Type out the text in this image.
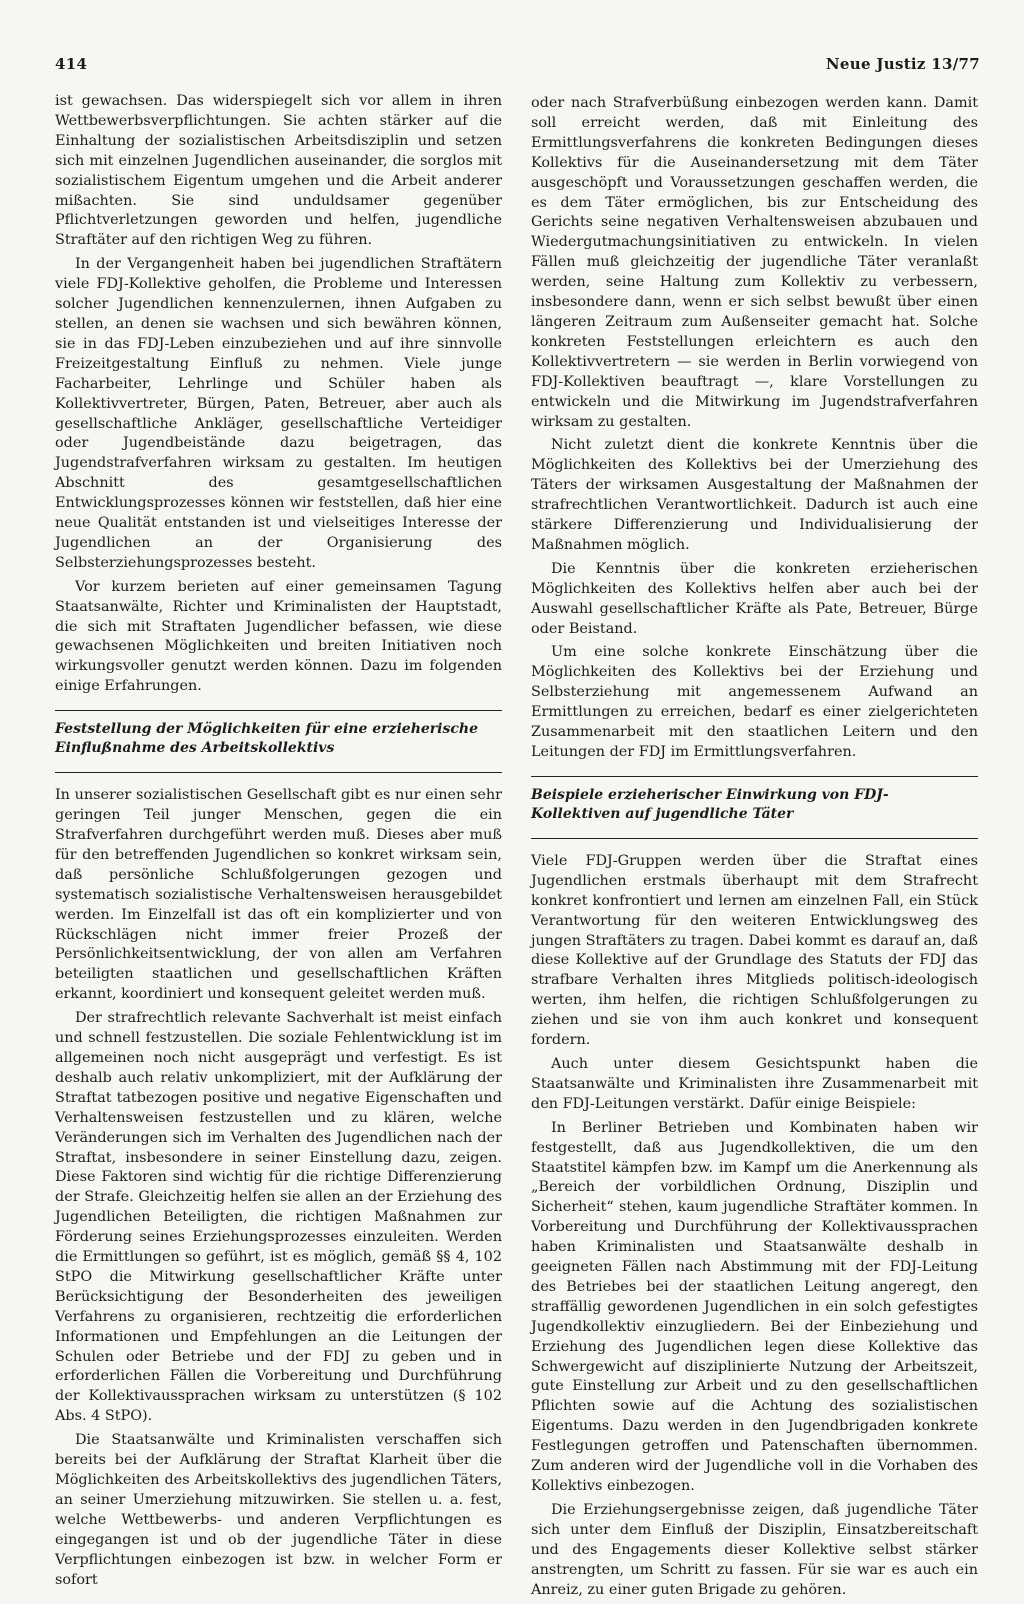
414	Neue Justiz 13/77

ist gewachsen. Das widerspiegelt sich vor allem in ihren Wettbewerbsverpflichtungen. Sie achten stärker auf die Einhaltung der sozialistischen Arbeitsdisziplin und setzen sich mit einzelnen Jugendlichen auseinander, die sorglos mit sozialistischem Eigentum umgehen und die Arbeit anderer mißachten. Sie sind unduldsamer gegenüber Pflichtverletzungen geworden und helfen, jugendliche Straftäter auf den richtigen Weg zu führen.

In der Vergangenheit haben bei jugendlichen Straftätern viele FDJ-Kollektive geholfen, die Probleme und Interessen solcher Jugendlichen kennenzulernen, ihnen Aufgaben zu stellen, an denen sie wachsen und sich bewähren können, sie in das FDJ-Leben einzubeziehen und auf ihre sinnvolle Freizeitgestaltung Einfluß zu nehmen. Viele junge Facharbeiter, Lehrlinge und Schüler haben als Kollektivvertreter, Bürgen, Paten, Betreuer, aber auch als gesellschaftliche Ankläger, gesellschaftliche Verteidiger oder Jugendbeistände dazu beigetragen, das Jugendstrafverfahren wirksam zu gestalten. Im heutigen Abschnitt des gesamtgesellschaftlichen Entwicklungsprozesses können wir feststellen, daß hier eine neue Qualität entstanden ist und vielseitiges Interesse der Jugendlichen an der Organisierung des Selbsterziehungsprozesses besteht.

Vor kurzem berieten auf einer gemeinsamen Tagung Staatsanwälte, Richter und Kriminalisten der Hauptstadt, die sich mit Straftaten Jugendlicher befassen, wie diese gewachsenen Möglichkeiten und breiten Initiativen noch wirkungsvoller genutzt werden können. Dazu im folgenden einige Erfahrungen.

Feststellung der Möglichkeiten für eine erzieherische Einflußnahme des Arbeitskollektivs

In unserer sozialistischen Gesellschaft gibt es nur einen sehr geringen Teil junger Menschen, gegen die ein Strafverfahren durchgeführt werden muß. Dieses aber muß für den betreffenden Jugendlichen so konkret wirksam sein, daß persönliche Schlußfolgerungen gezogen und systematisch sozialistische Verhaltensweisen herausgebildet werden. Im Einzelfall ist das oft ein komplizierter und von Rückschlägen nicht immer freier Prozeß der Persönlichkeitsentwicklung, der von allen am Verfahren beteiligten staatlichen und gesellschaftlichen Kräften erkannt, koordiniert und konsequent geleitet werden muß.

Der strafrechtlich relevante Sachverhalt ist meist einfach und schnell festzustellen. Die soziale Fehlentwicklung ist im allgemeinen noch nicht ausgeprägt und verfestigt. Es ist deshalb auch relativ unkompliziert, mit der Aufklärung der Straftat tatbezogen positive und negative Eigenschaften und Verhaltensweisen festzustellen und zu klären, welche Veränderungen sich im Verhalten des Jugendlichen nach der Straftat, insbesondere in seiner Einstellung dazu, zeigen. Diese Faktoren sind wichtig für die richtige Differenzierung der Strafe. Gleichzeitig helfen sie allen an der Erziehung des Jugendlichen Beteiligten, die richtigen Maßnahmen zur Förderung seines Erziehungsprozesses einzuleiten. Werden die Ermittlungen so geführt, ist es möglich, gemäß §§ 4, 102 StPO die Mitwirkung gesellschaftlicher Kräfte unter Berücksichtigung der Besonderheiten des jeweiligen Verfahrens zu organisieren, rechtzeitig die erforderlichen Informationen und Empfehlungen an die Leitungen der Schulen oder Betriebe und der FDJ zu geben und in erforderlichen Fällen die Vorbereitung und Durchführung der Kollektivaussprachen wirksam zu unterstützen (§ 102 Abs. 4 StPO).

Die Staatsanwälte und Kriminalisten verschaffen sich bereits bei der Aufklärung der Straftat Klarheit über die Möglichkeiten des Arbeitskollektivs des jugendlichen Täters, an seiner Umerziehung mitzuwirken. Sie stellen u. a. fest, welche Wettbewerbs- und anderen Verpflichtungen es eingegangen ist und ob der jugendliche Täter in diese Verpflichtungen einbezogen ist bzw. in welcher Form er sofort

oder nach Strafverbüßung einbezogen werden kann. Damit soll erreicht werden, daß mit Einleitung des Ermittlungsverfahrens die konkreten Bedingungen dieses Kollektivs für die Auseinandersetzung mit dem Täter ausgeschöpft und Voraussetzungen geschaffen werden, die es dem Täter ermöglichen, bis zur Entscheidung des Gerichts seine negativen Verhaltensweisen abzubauen und Wiedergutmachungsinitiativen zu entwickeln. In vielen Fällen muß gleichzeitig der jugendliche Täter veranlaßt werden, seine Haltung zum Kollektiv zu verbessern, insbesondere dann, wenn er sich selbst bewußt über einen längeren Zeitraum zum Außenseiter gemacht hat. Solche konkreten Feststellungen erleichtern es auch den Kollektivvertretern — sie werden in Berlin vorwiegend von FDJ-Kollektiven beauftragt —, klare Vorstellungen zu entwickeln und die Mitwirkung im Jugendstrafverfahren wirksam zu gestalten.

Nicht zuletzt dient die konkrete Kenntnis über die Möglichkeiten des Kollektivs bei der Umerziehung des Täters der wirksamen Ausgestaltung der Maßnahmen der strafrechtlichen Verantwortlichkeit. Dadurch ist auch eine stärkere Differenzierung und Individualisierung der Maßnahmen möglich.

Die Kenntnis über die konkreten erzieherischen Möglichkeiten des Kollektivs helfen aber auch bei der Auswahl gesellschaftlicher Kräfte als Pate, Betreuer, Bürge oder Beistand.

Um eine solche konkrete Einschätzung über die Möglichkeiten des Kollektivs bei der Erziehung und Selbsterziehung mit angemessenem Aufwand an Ermittlungen zu erreichen, bedarf es einer zielgerichteten Zusammenarbeit mit den staatlichen Leitern und den Leitungen der FDJ im Ermittlungsverfahren.

Beispiele erzieherischer Einwirkung von FDJ-Kollektiven auf jugendliche Täter

Viele FDJ-Gruppen werden über die Straftat eines Jugendlichen erstmals überhaupt mit dem Strafrecht konkret konfrontiert und lernen am einzelnen Fall, ein Stück Verantwortung für den weiteren Entwicklungsweg des jungen Straftäters zu tragen. Dabei kommt es darauf an, daß diese Kollektive auf der Grundlage des Statuts der FDJ das strafbare Verhalten ihres Mitglieds politisch-ideologisch werten, ihm helfen, die richtigen Schlußfolgerungen zu ziehen und sie von ihm auch konkret und konsequent fordern.

Auch unter diesem Gesichtspunkt haben die Staatsanwälte und Kriminalisten ihre Zusammenarbeit mit den FDJ-Leitungen verstärkt. Dafür einige Beispiele:

In Berliner Betrieben und Kombinaten haben wir festgestellt, daß aus Jugendkollektiven, die um den Staatstitel kämpfen bzw. im Kampf um die Anerkennung als „Bereich der vorbildlichen Ordnung, Disziplin und Sicherheit“ stehen, kaum jugendliche Straftäter kommen. In Vorbereitung und Durchführung der Kollektivaussprachen haben Kriminalisten und Staatsanwälte deshalb in geeigneten Fällen nach Abstimmung mit der FDJ-Leitung des Betriebes bei der staatlichen Leitung angeregt, den straffällig gewordenen Jugendlichen in ein solch gefestigtes Jugendkollektiv einzugliedern. Bei der Einbeziehung und Erziehung des Jugendlichen legen diese Kollektive das Schwergewicht auf disziplinierte Nutzung der Arbeitszeit, gute Einstellung zur Arbeit und zu den gesellschaftlichen Pflichten sowie auf die Achtung des sozialistischen Eigentums. Dazu werden in den Jugendbrigaden konkrete Festlegungen getroffen und Patenschaften übernommen. Zum anderen wird der Jugendliche voll in die Vorhaben des Kollektivs einbezogen.

Die Erziehungsergebnisse zeigen, daß jugendliche Täter sich unter dem Einfluß der Disziplin, Einsatzbereitschaft und des Engagements dieser Kollektive selbst stärker anstrengten, um Schritt zu fassen. Für sie war es auch ein Anreiz, zu einer guten Brigade zu gehören.
